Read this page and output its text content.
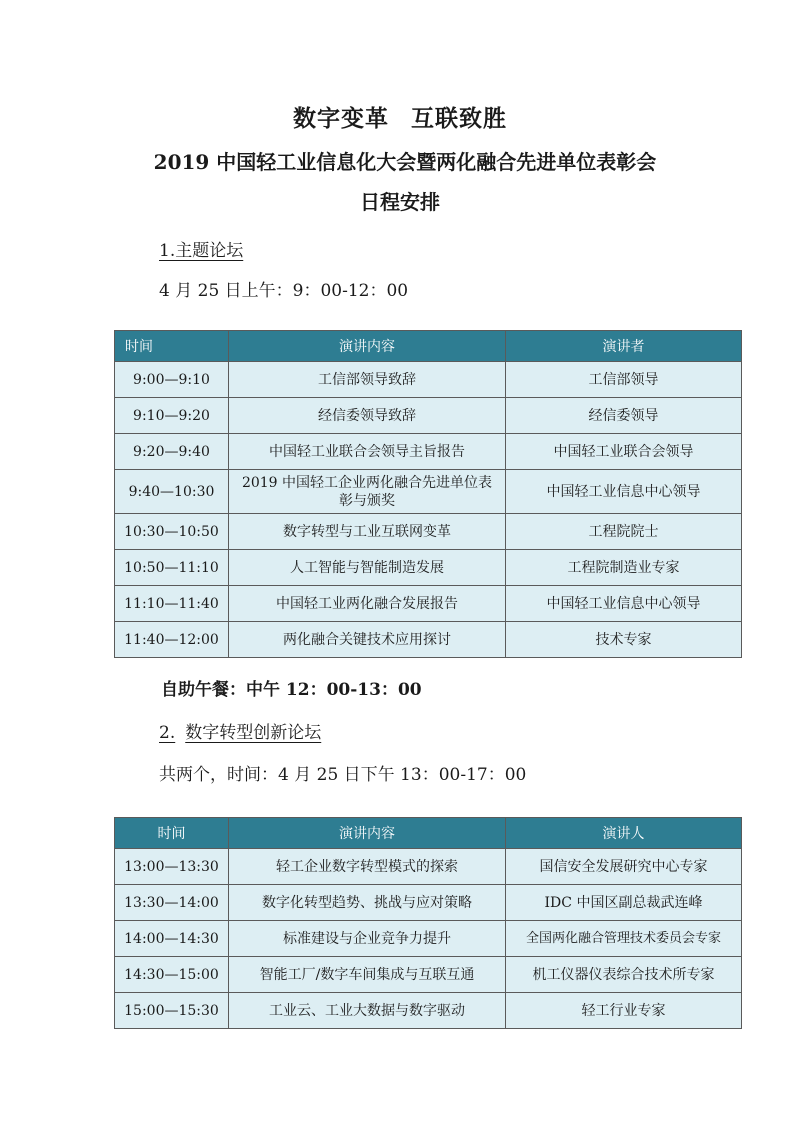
数字变革 互联致胜
2019 中国轻工业信息化大会暨两化融合先进单位表彰会
日程安排
1.主题论坛
4 月 25 日上午：9：00-12：00
时间	演讲内容	演讲者
9:00—9:10	工信部领导致辞	工信部领导
9:10—9:20	经信委领导致辞	经信委领导
9:20—9:40	中国轻工业联合会领导主旨报告	中国轻工业联合会领导
9:40—10:30	2019 中国轻工企业两化融合先进单位表彰与颁奖	中国轻工业信息中心领导
10:30—10:50	数字转型与工业互联网变革	工程院院士
10:50—11:10	人工智能与智能制造发展	工程院制造业专家
11:10—11:40	中国轻工业两化融合发展报告	中国轻工业信息中心领导
11:40—12:00	两化融合关键技术应用探讨	技术专家
自助午餐：中午 12：00-13：00
2. 数字转型创新论坛
共两个，时间：4 月 25 日下午 13：00-17：00
时间	演讲内容	演讲人
13:00—13:30	轻工企业数字转型模式的探索	国信安全发展研究中心专家
13:30—14:00	数字化转型趋势、挑战与应对策略	IDC 中国区副总裁武连峰
14:00—14:30	标准建设与企业竞争力提升	全国两化融合管理技术委员会专家
14:30—15:00	智能工厂/数字车间集成与互联互通	机工仪器仪表综合技术所专家
15:00—15:30	工业云、工业大数据与数字驱动	轻工行业专家
